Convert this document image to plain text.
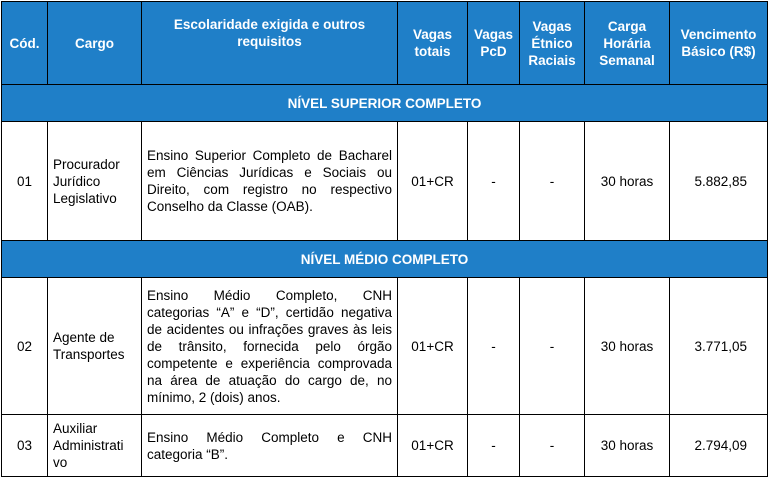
Cód.	Cargo	Escolaridade exigida e outros requisitos	Vagas totais	Vagas PcD	Vagas Étnico Raciais	Carga Horária Semanal	Vencimento Básico (R$)
NÍVEL SUPERIOR COMPLETO							
01	Procurador Jurídico Legislativo	Ensino Superior Completo de Bacharel em Ciências Jurídicas e Sociais ou Direito, com registro no respectivo Conselho da Classe (OAB).	01+CR	-	-	30 horas	5.882,85
NÍVEL MÉDIO COMPLETO							
02	Agente de Transportes	Ensino Médio Completo, CNH categorias “A” e “D”, certidão negativa de acidentes ou infrações graves às leis de trânsito, fornecida pelo órgão competente e experiência comprovada na área de atuação do cargo de, no mínimo, 2 (dois) anos.	01+CR	-	-	30 horas	3.771,05
03	Auxiliar Administrati vo	Ensino Médio Completo e CNH categoria “B”.	01+CR	-	-	30 horas	2.794,09
